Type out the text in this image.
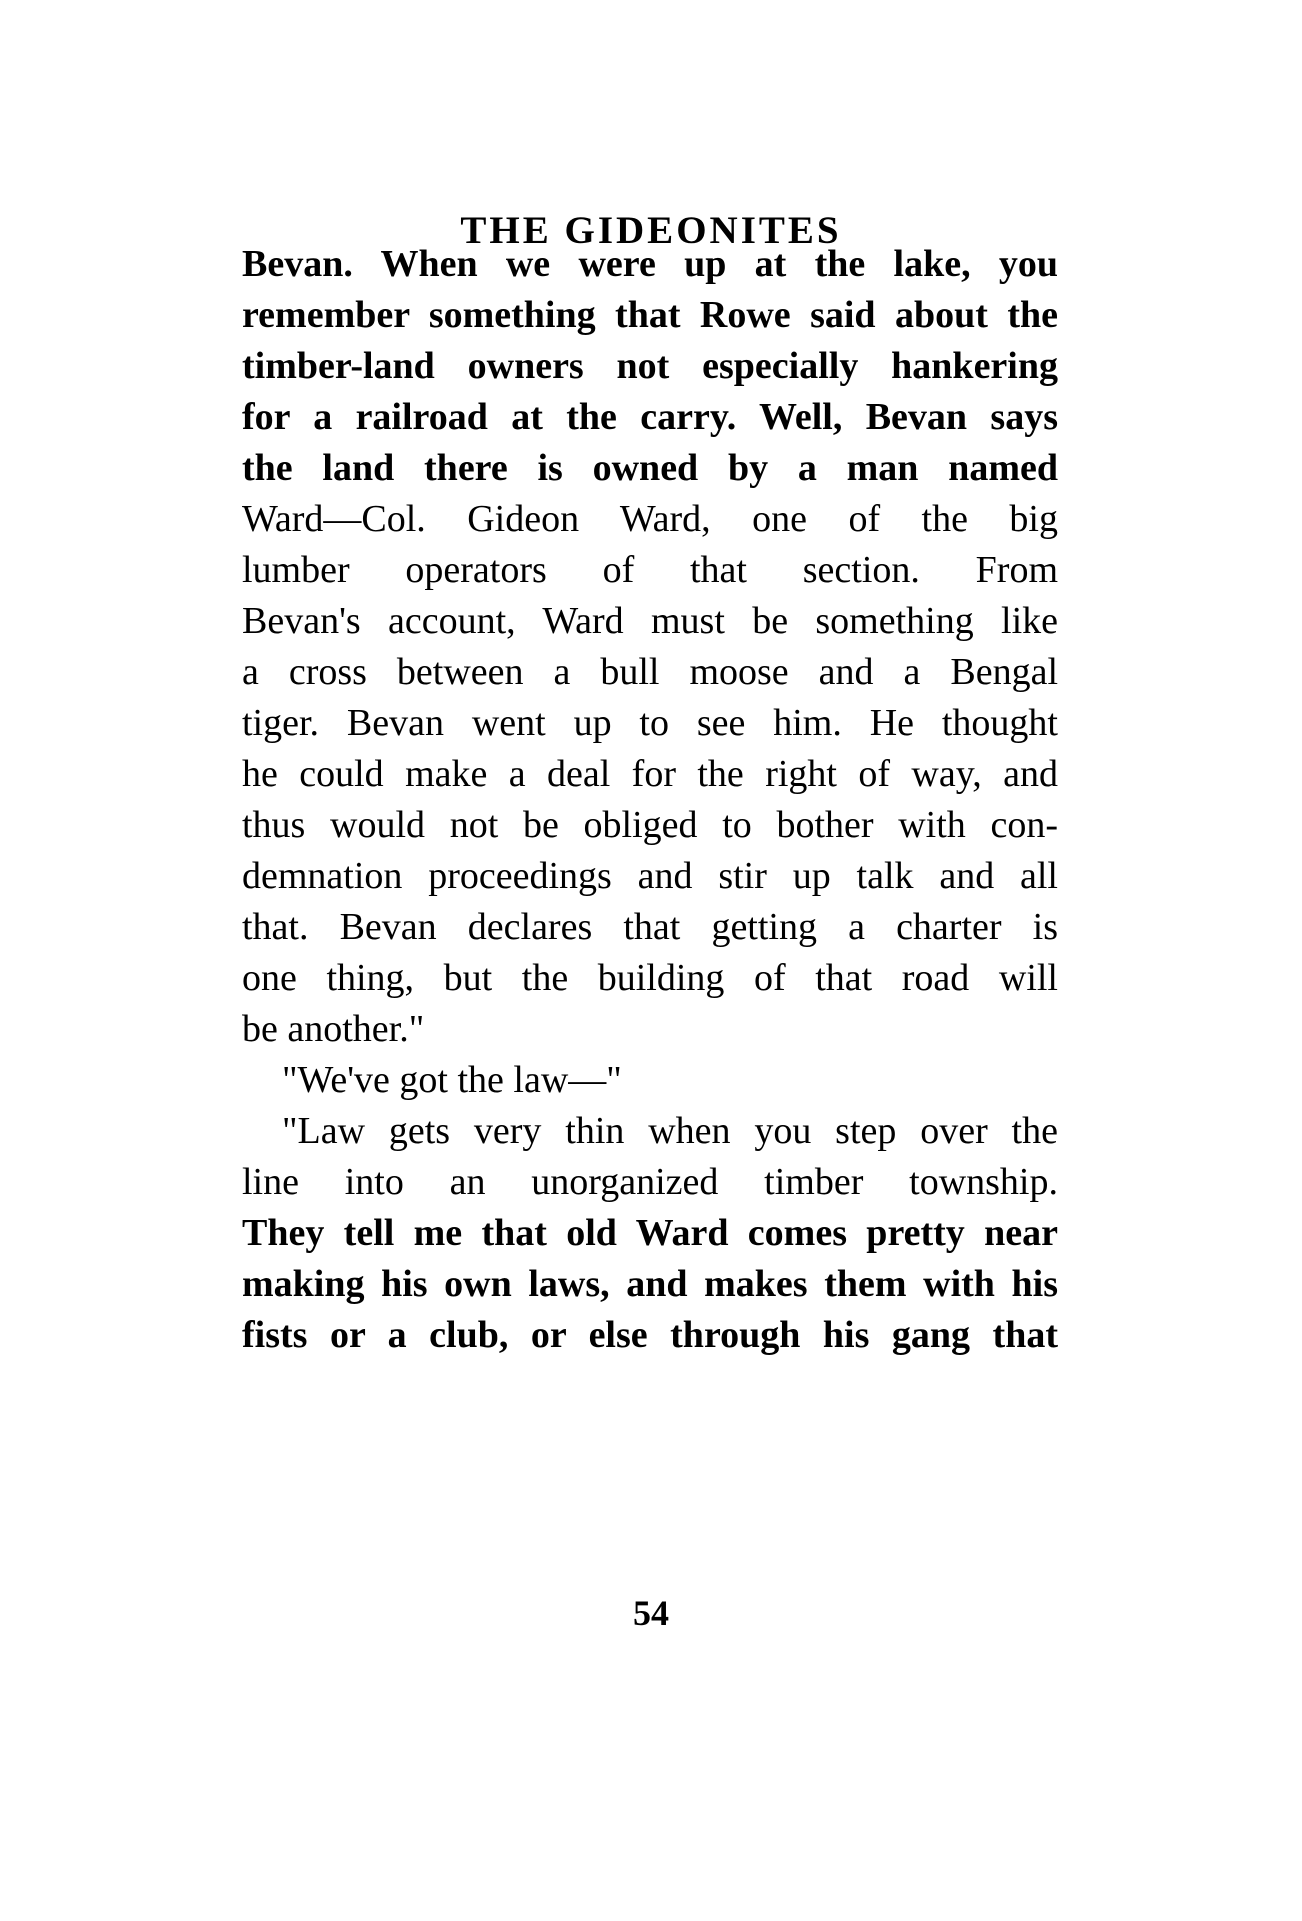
THE GIDEONITES
Bevan. When we were up at the lake, you
remember something that Rowe said about the
timber-land owners not especially hankering
for a railroad at the carry. Well, Bevan says
the land there is owned by a man named
Ward—Col. Gideon Ward, one of the big
lumber operators of that section. From
Bevan's account, Ward must be something like
a cross between a bull moose and a Bengal
tiger. Bevan went up to see him. He thought
he could make a deal for the right of way, and
thus would not be obliged to bother with con-
demnation proceedings and stir up talk and all
that. Bevan declares that getting a charter is
one thing, but the building of that road will
be another."
"We've got the law—"
"Law gets very thin when you step over the
line into an unorganized timber township.
They tell me that old Ward comes pretty near
making his own laws, and makes them with his
fists or a club, or else through his gang that
54
